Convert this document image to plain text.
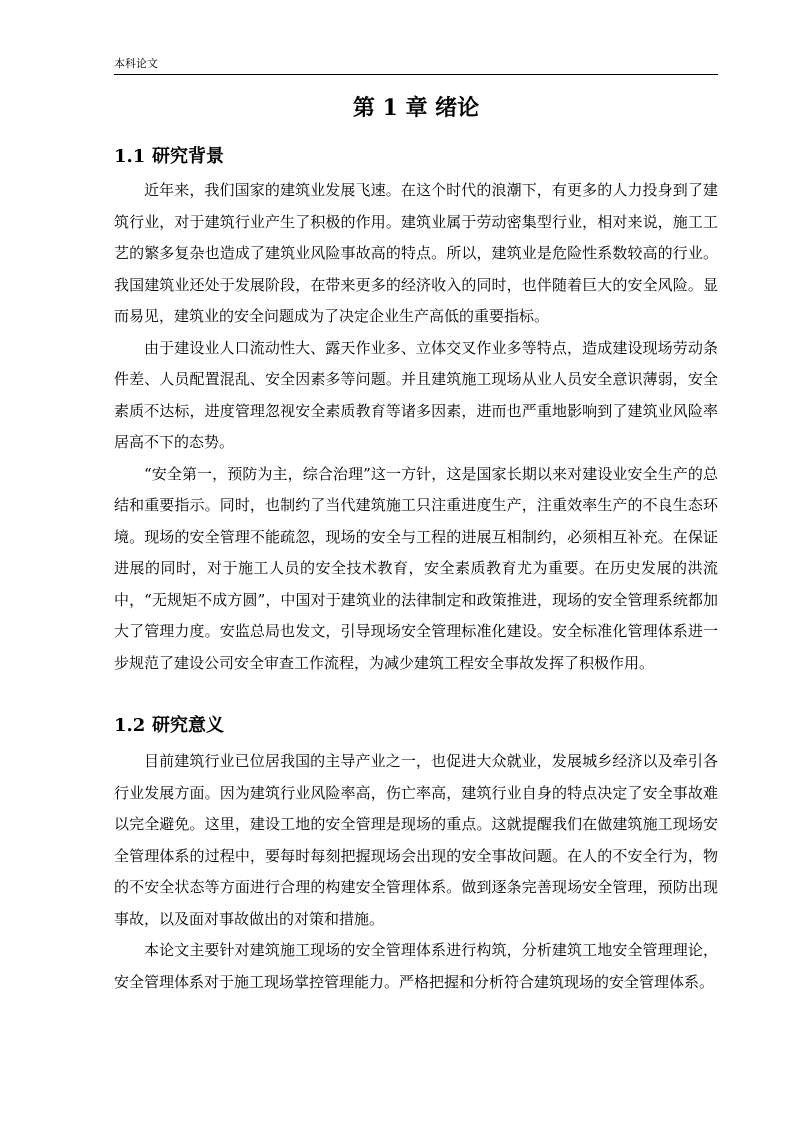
本科论文
第 1 章 绪论
1.1 研究背景

近年来，我们国家的建筑业发展飞速。在这个时代的浪潮下，有更多的人力投身到了建筑行业，对于建筑行业产生了积极的作用。建筑业属于劳动密集型行业，相对来说，施工工艺的繁多复杂也造成了建筑业风险事故高的特点。所以，建筑业是危险性系数较高的行业。我国建筑业还处于发展阶段，在带来更多的经济收入的同时，也伴随着巨大的安全风险。显而易见，建筑业的安全问题成为了决定企业生产高低的重要指标。

由于建设业人口流动性大、露天作业多、立体交叉作业多等特点，造成建设现场劳动条件差、人员配置混乱、安全因素多等问题。并且建筑施工现场从业人员安全意识薄弱，安全素质不达标，进度管理忽视安全素质教育等诸多因素，进而也严重地影响到了建筑业风险率居高不下的态势。

“安全第一，预防为主，综合治理”这一方针，这是国家长期以来对建设业安全生产的总结和重要指示。同时，也制约了当代建筑施工只注重进度生产，注重效率生产的不良生态环境。现场的安全管理不能疏忽，现场的安全与工程的进展互相制约，必须相互补充。在保证进展的同时，对于施工人员的安全技术教育，安全素质教育尤为重要。在历史发展的洪流中，“无规矩不成方圆”，中国对于建筑业的法律制定和政策推进，现场的安全管理系统都加大了管理力度。安监总局也发文，引导现场安全管理标准化建设。安全标准化管理体系进一步规范了建设公司安全审查工作流程，为减少建筑工程安全事故发挥了积极作用。

1.2 研究意义

目前建筑行业已位居我国的主导产业之一，也促进大众就业，发展城乡经济以及牵引各行业发展方面。因为建筑行业风险率高，伤亡率高，建筑行业自身的特点决定了安全事故难以完全避免。这里，建设工地的安全管理是现场的重点。这就提醒我们在做建筑施工现场安全管理体系的过程中，要每时每刻把握现场会出现的安全事故问题。在人的不安全行为，物的不安全状态等方面进行合理的构建安全管理体系。做到逐条完善现场安全管理，预防出现事故，以及面对事故做出的对策和措施。

本论文主要针对建筑施工现场的安全管理体系进行构筑，分析建筑工地安全管理理论，安全管理体系对于施工现场掌控管理能力。严格把握和分析符合建筑现场的安全管理体系。
